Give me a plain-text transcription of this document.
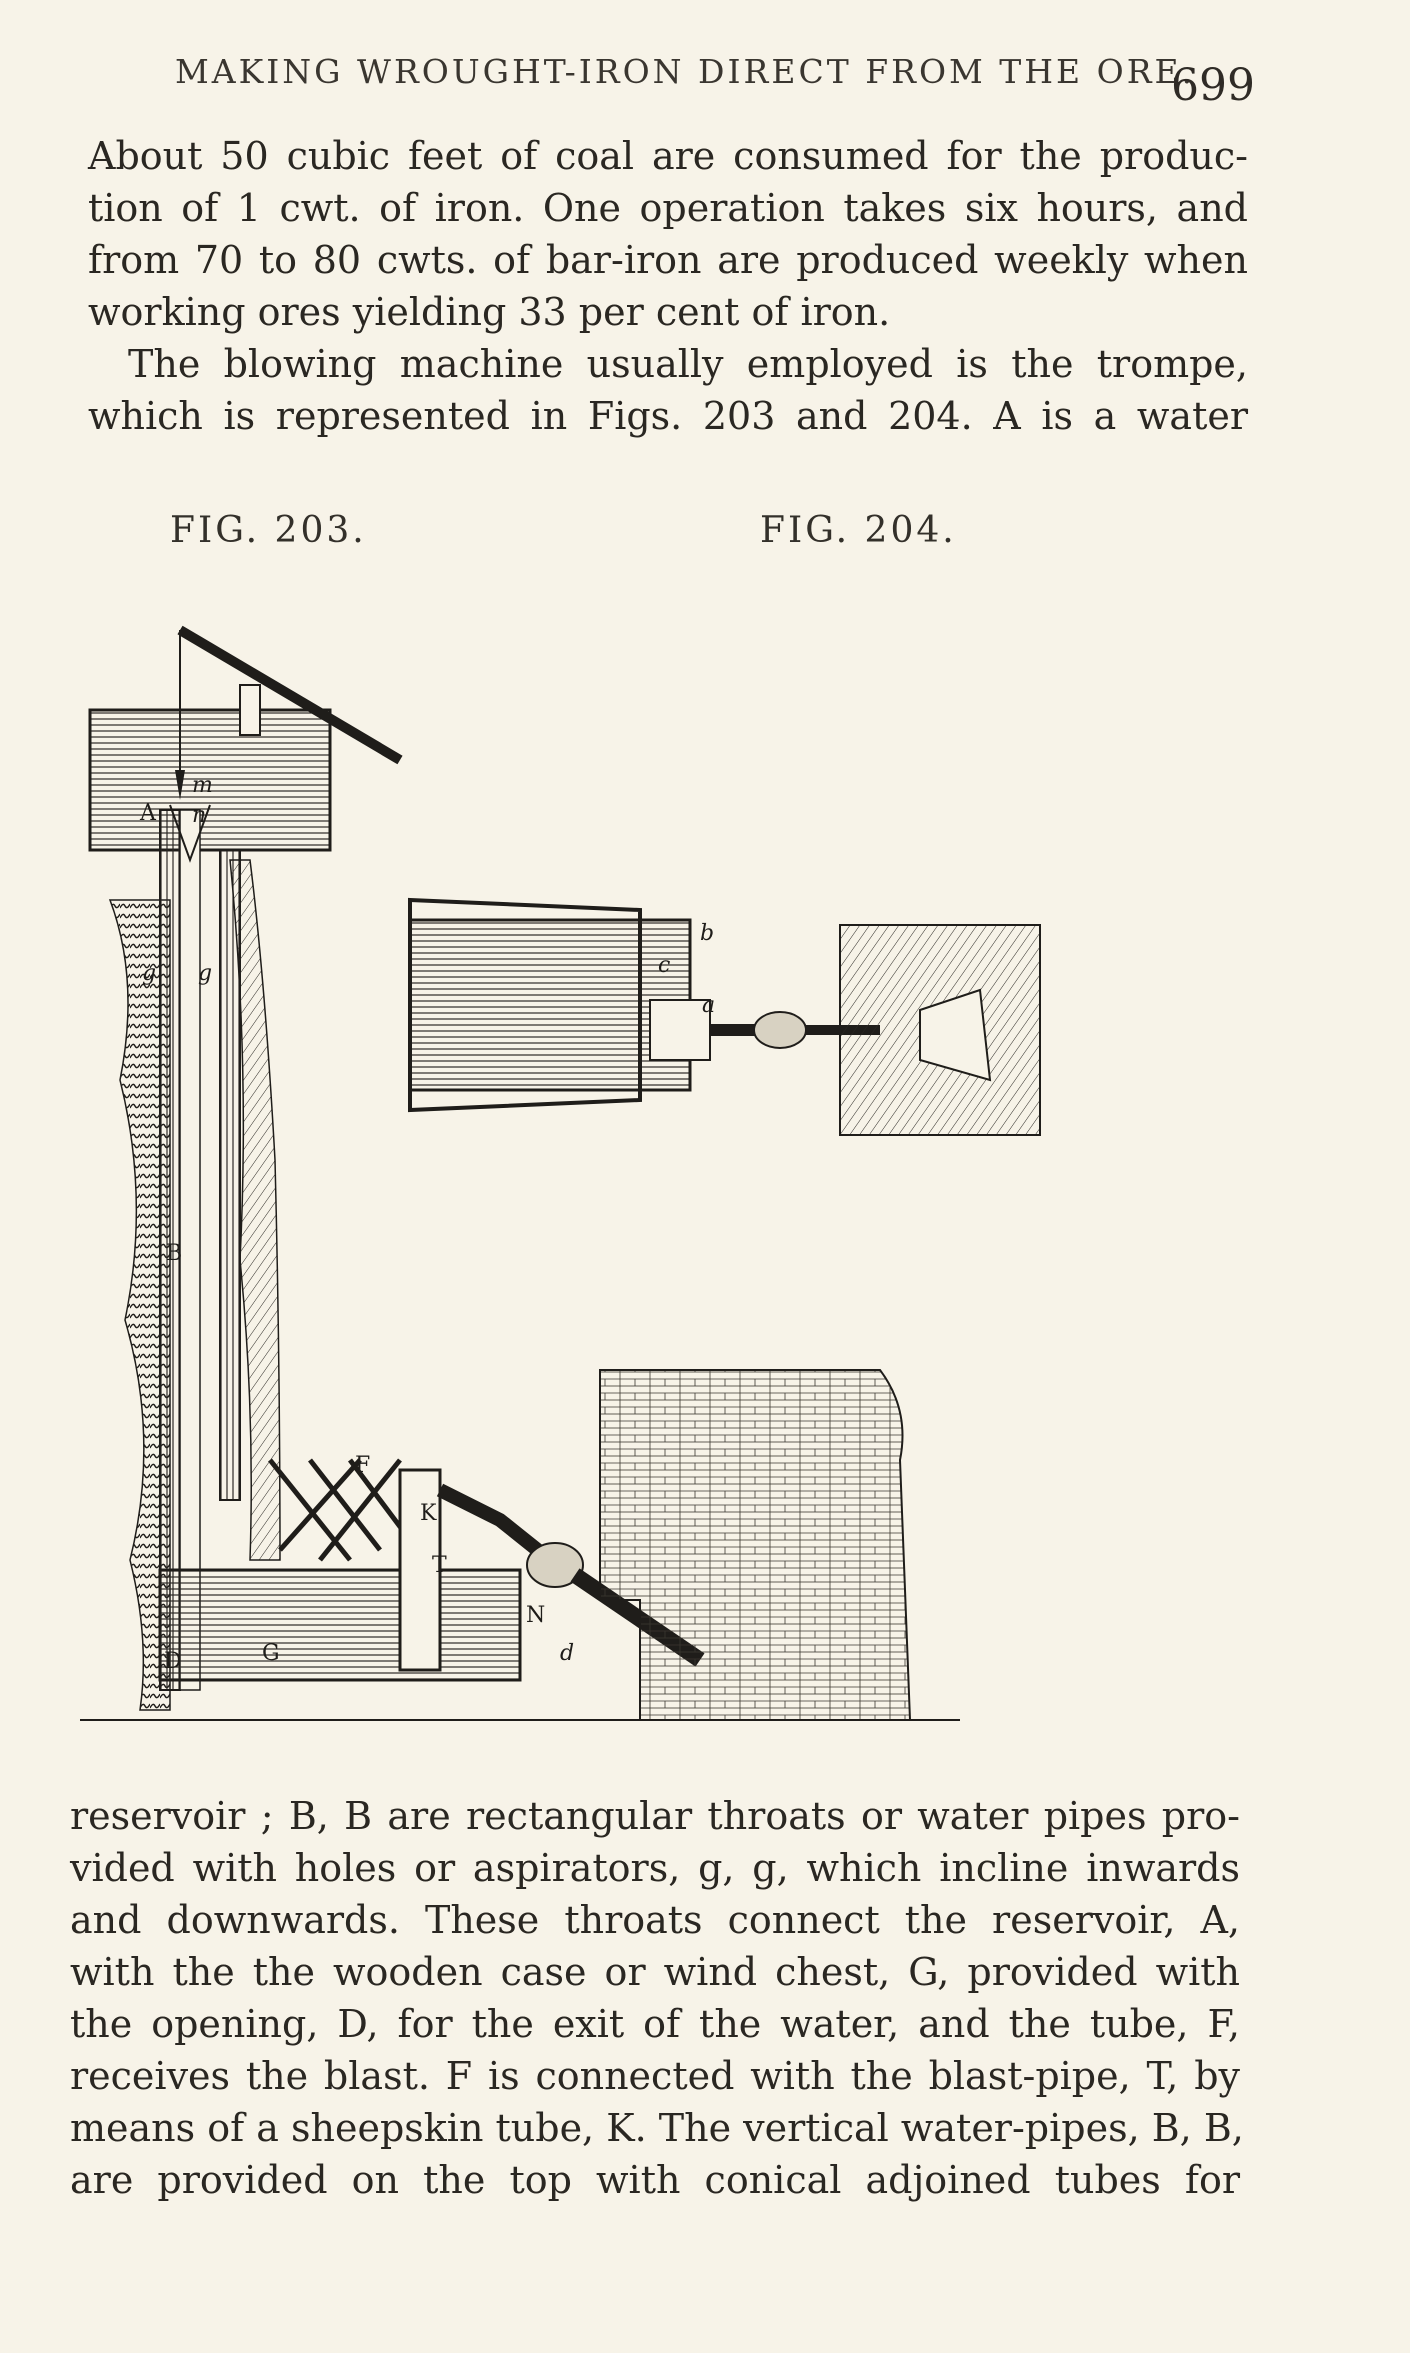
MAKING WROUGHT-IRON DIRECT FROM THE ORE.
699
About 50 cubic feet of coal are consumed for the produc-
tion of 1 cwt. of iron. One operation takes six hours, and
from 70 to 80 cwts. of bar-iron are produced weekly when
working ores yielding 33 per cent of iron.
The blowing machine usually employed is the trompe,
which is represented in Figs. 203 and 204. A is a water
FIG. 203.	FIG. 204.
A
m
n
g g
B
F
K
T
N
D	G	d
b
c
a
reservoir ; B, B are rectangular throats or water pipes pro-
vided with holes or aspirators, g, g, which incline inwards
and downwards. These throats connect the reservoir, A,
with the the wooden case or wind chest, G, provided with
the opening, D, for the exit of the water, and the tube, F,
receives the blast. F is connected with the blast-pipe, T, by
means of a sheepskin tube, K. The vertical water-pipes, B, B,
are provided on the top with conical adjoined tubes for
